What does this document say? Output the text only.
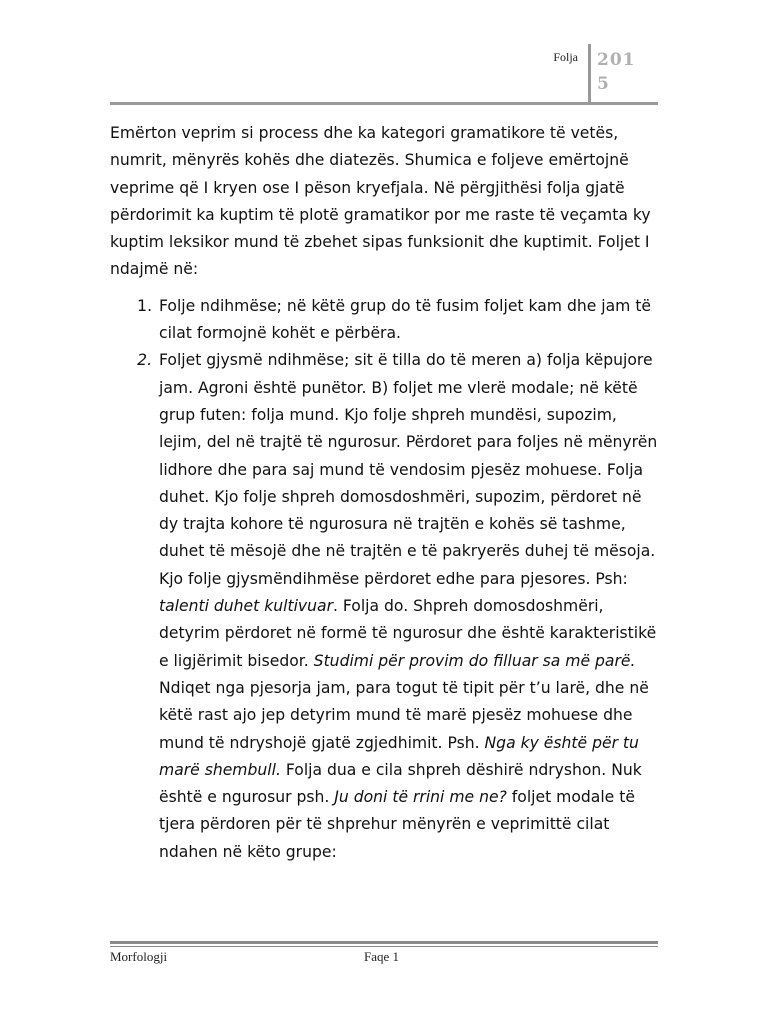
Folja 2015

Emërton veprim si process dhe ka kategori gramatikore të vetës, numrit, mënyrës kohës dhe diatezës. Shumica e foljeve emërtojnë veprime që I kryen ose I pëson kryefjala. Në përgjithësi folja gjatë përdorimit ka kuptim të plotë gramatikor por me raste të veçamta ky kuptim leksikor mund të zbehet sipas funksionit dhe kuptimit. Foljet I ndajmë në:

1. Folje ndihmëse; në këtë grup do të fusim foljet kam dhe jam të cilat formojnë kohët e përbëra.
2. Foljet gjysmë ndihmëse; sit ë tilla do të meren a) folja këpujore jam. Agroni është punëtor. B) foljet me vlerë modale; në këtë grup futen: folja mund. Kjo folje shpreh mundësi, supozim, lejim, del në trajtë të ngurosur. Përdoret para foljes në mënyrën lidhore dhe para saj mund të vendosim pjesëz mohuese. Folja duhet. Kjo folje shpreh domosdoshmëri, supozim, përdoret në dy trajta kohore të ngurosura në trajtën e kohës së tashme, duhet të mësojë dhe në trajtën e të pakryerës duhej të mësoja. Kjo folje gjysmëndihmëse përdoret edhe para pjesores. Psh: talenti duhet kultivuar. Folja do. Shpreh domosdoshmëri, detyrim përdoret në formë të ngurosur dhe është karakteristikë e ligjërimit bisedor. Studimi për provim do filluar sa më parë. Ndiqet nga pjesorja jam, para togut të tipit për t’u larë, dhe në këtë rast ajo jep detyrim mund të marë pjesëz mohuese dhe mund të ndryshojë gjatë zgjedhimit. Psh. Nga ky është për tu marë shembull. Folja dua e cila shpreh dëshirë ndryshon. Nuk është e ngurosur psh. Ju doni të rrini me ne? foljet modale të tjera përdoren për të shprehur mënyrën e veprimittë cilat ndahen në këto grupe:
Morfologji	Faqe 1
